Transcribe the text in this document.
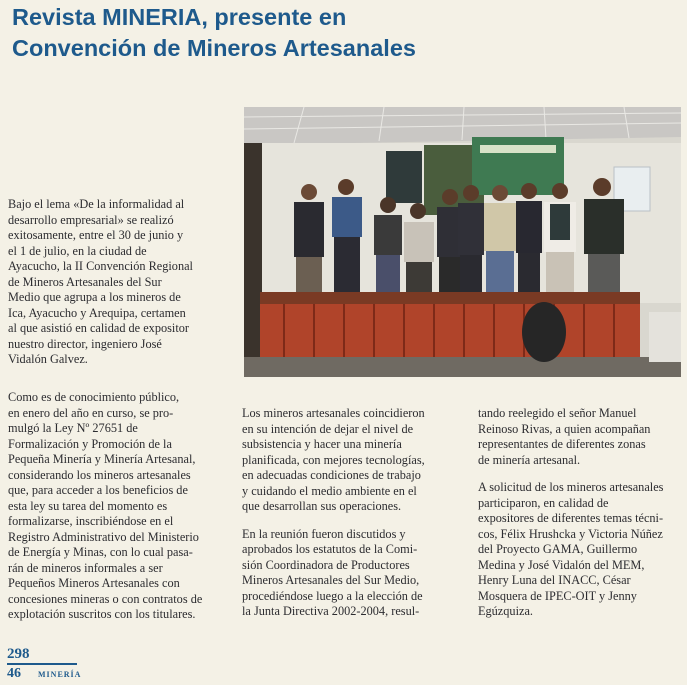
Revista MINERIA, presente en
Convención de Mineros Artesanales

Bajo el lema «De la informalidad al
desarrollo empresarial» se realizó
exitosamente, entre el 30 de junio y
el 1 de julio, en la ciudad de
Ayacucho, la II Convención Regional
de Mineros Artesanales del Sur
Medio que agrupa a los mineros de
Ica, Ayacucho y Arequipa, certamen
al que asistió en calidad de expositor
nuestro director, ingeniero José
Vidalón Galvez.

Como es de conocimiento público,
en enero del año en curso, se pro-
mulgó la Ley Nº 27651 de
Formalización y Promoción de la
Pequeña Minería y Minería Artesanal,
considerando los mineros artesanales
que, para acceder a los beneficios de
esta ley su tarea del momento es
formalizarse, inscribiéndose en el
Registro Administrativo del Ministerio
de Energía y Minas, con lo cual pasa-
rán de mineros informales a ser
Pequeños Mineros Artesanales con
concesiones mineras o con contratos de
explotación suscritos con los titulares.

Los mineros artesanales coincidieron
en su intención de dejar el nivel de
subsistencia y hacer una minería
planificada, con mejores tecnologías,
en adecuadas condiciones de trabajo
y cuidando el medio ambiente en el
que desarrollan sus operaciones.

En la reunión fueron discutidos y
aprobados los estatutos de la Comi-
sión Coordinadora de Productores
Mineros Artesanales del Sur Medio,
procediéndose luego a la elección de
la Junta Directiva 2002-2004, resul-

tando reelegido el señor Manuel
Reinoso Rivas, a quien acompañan
representantes de diferentes zonas
de minería artesanal.

A solicitud de los mineros artesanales
participaron, en calidad de
expositores de diferentes temas técni-
cos, Félix Hrushcka y Victoria Núñez
del Proyecto GAMA, Guillermo
Medina y José Vidalón del MEM,
Henry Luna del INACC, César
Mosquera de IPEC-OIT y Jenny
Egúzquiza.

298
46 MINERÍA
